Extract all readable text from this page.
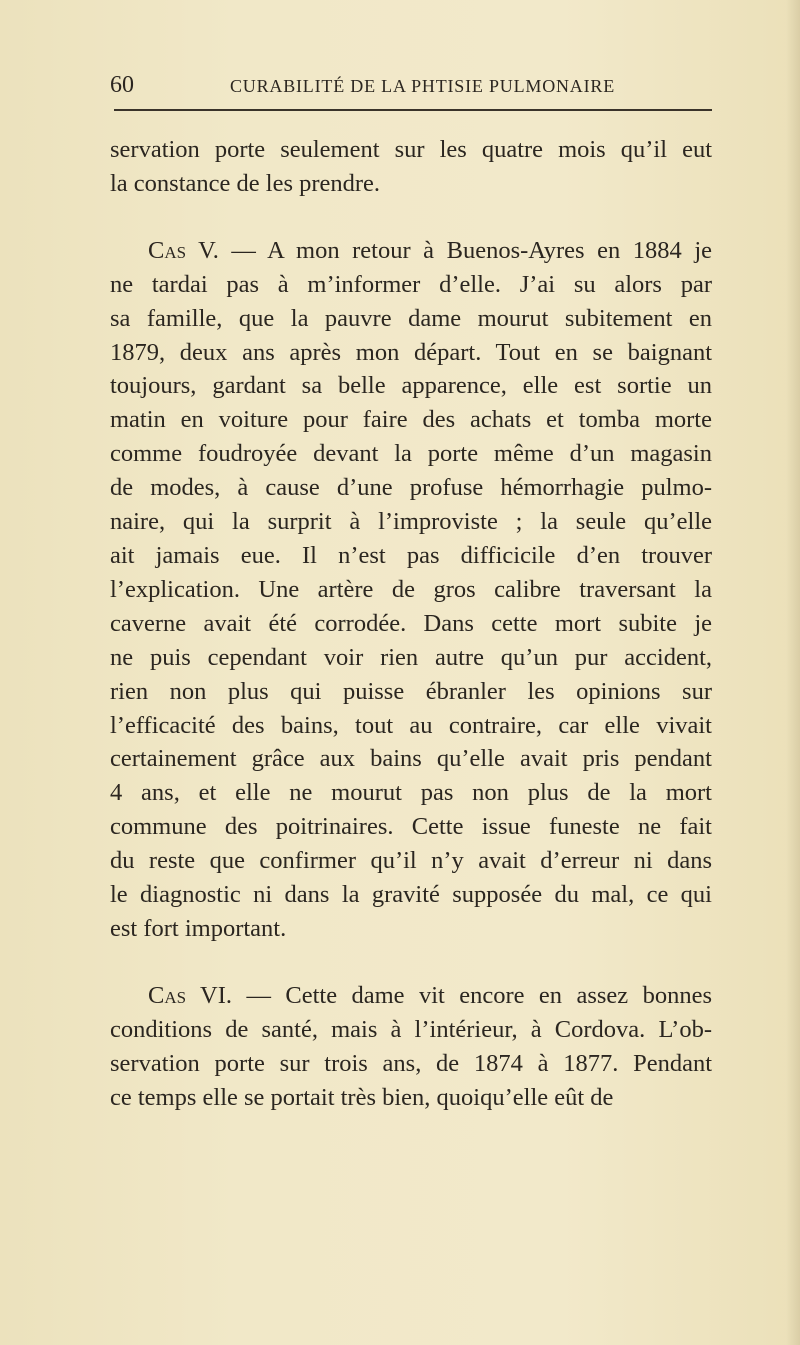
60	CURABILITÉ DE LA PHTISIE PULMONAIRE
servation porte seulement sur les quatre mois qu’il eut
la constance de les prendre.
Cas V. — A mon retour à Buenos-Ayres en 1884 je
ne tardai pas à m’informer d’elle. J’ai su alors par
sa famille, que la pauvre dame mourut subitement en
1879, deux ans après mon départ. Tout en se baignant
toujours, gardant sa belle apparence, elle est sortie un
matin en voiture pour faire des achats et tomba morte
comme foudroyée devant la porte même d’un magasin
de modes, à cause d’une profuse hémorrhagie pulmo-
naire, qui la surprit à l’improviste ; la seule qu’elle
ait jamais eue. Il n’est pas difficicile d’en trouver
l’explication. Une artère de gros calibre traversant la
caverne avait été corrodée. Dans cette mort subite je
ne puis cependant voir rien autre qu’un pur accident,
rien non plus qui puisse ébranler les opinions sur
l’efficacité des bains, tout au contraire, car elle vivait
certainement grâce aux bains qu’elle avait pris pendant
4 ans, et elle ne mourut pas non plus de la mort
commune des poitrinaires. Cette issue funeste ne fait
du reste que confirmer qu’il n’y avait d’erreur ni dans
le diagnostic ni dans la gravité supposée du mal, ce qui
est fort important.
Cas VI. — Cette dame vit encore en assez bonnes
conditions de santé, mais à l’intérieur, à Cordova. L’ob-
servation porte sur trois ans, de 1874 à 1877. Pendant
ce temps elle se portait très bien, quoiqu’elle eût de
